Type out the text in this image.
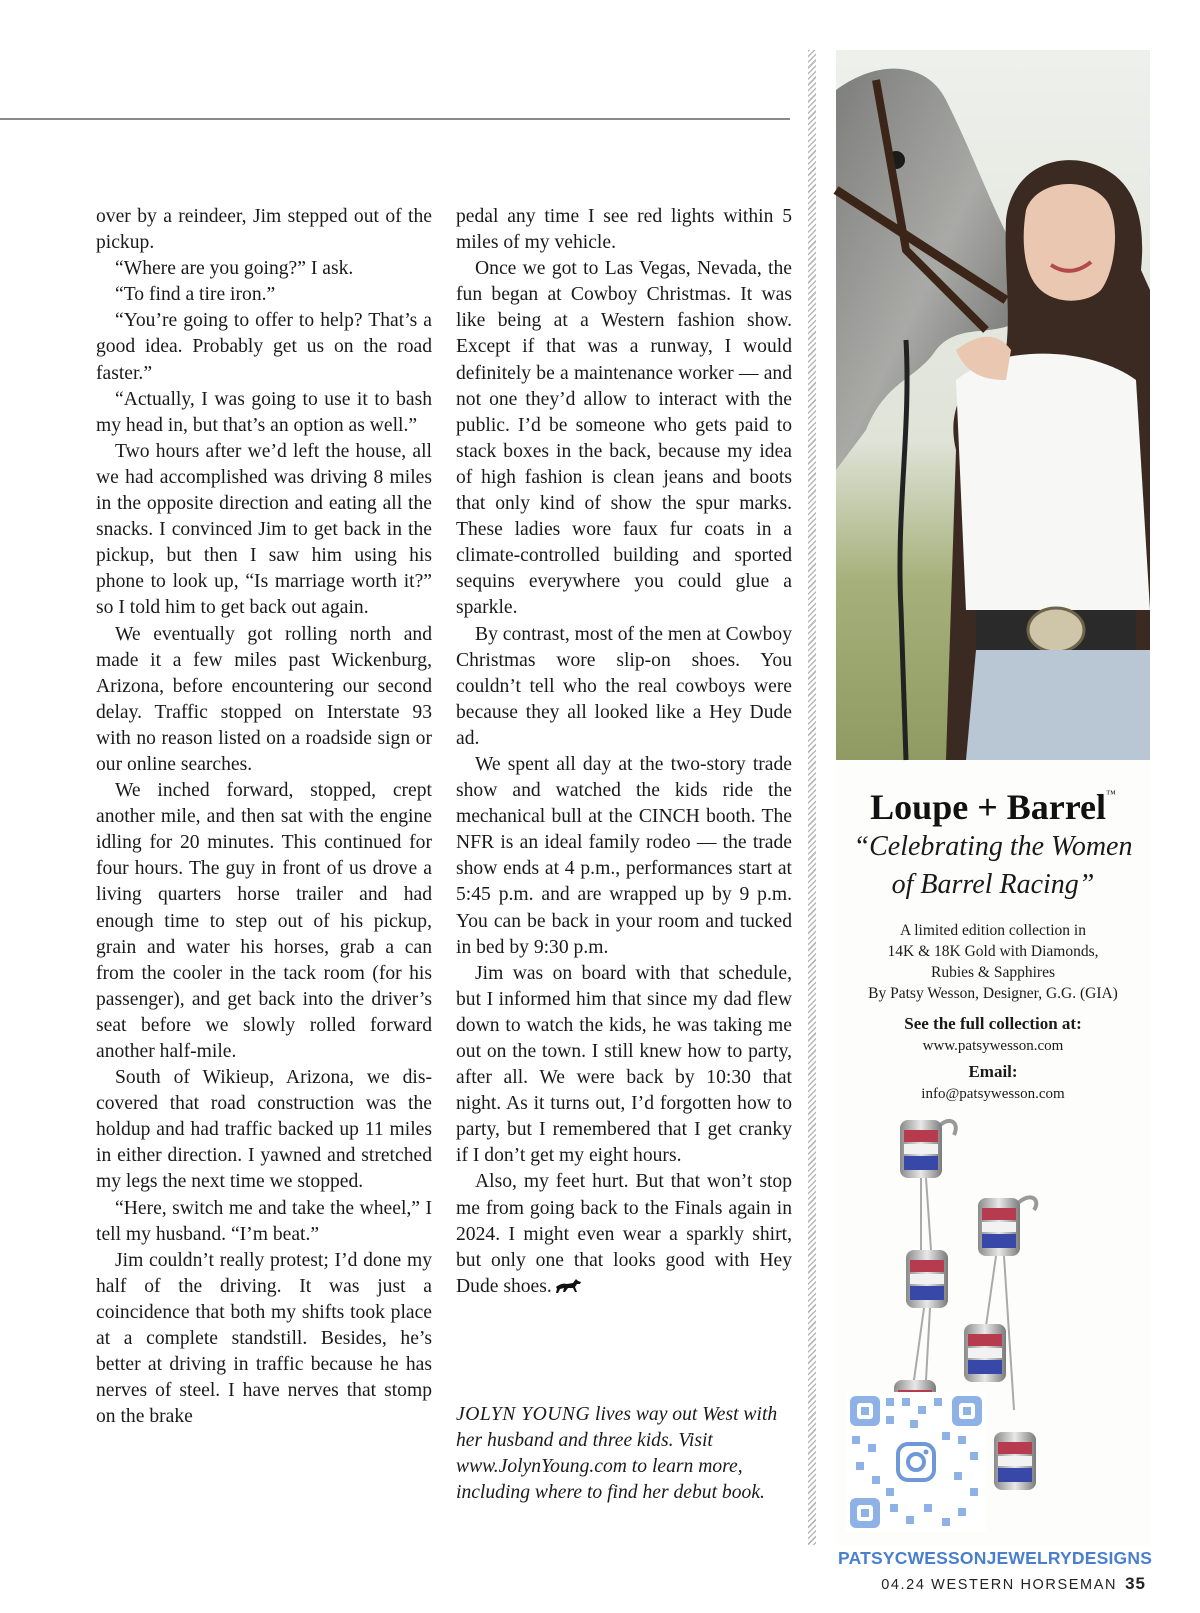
over by a reindeer, Jim stepped out of the pickup.

“Where are you going?” I ask.

“To find a tire iron.”

“You’re going to offer to help? That’s a good idea. Probably get us on the road faster.”

“Actually, I was going to use it to bash my head in, but that’s an option as well.”

Two hours after we’d left the house, all we had accomplished was driving 8 miles in the opposite direction and eating all the snacks. I convinced Jim to get back in the pickup, but then I saw him using his phone to look up, “Is marriage worth it?” so I told him to get back out again.

We eventually got rolling north and made it a few miles past Wickenburg, Arizona, before encountering our second delay. Traffic stopped on Interstate 93 with no reason listed on a roadside sign or our online searches.

We inched forward, stopped, crept another mile, and then sat with the engine idling for 20 minutes. This continued for four hours. The guy in front of us drove a living quarters horse trailer and had enough time to step out of his pickup, grain and water his horses, grab a can from the cooler in the tack room (for his passenger), and get back into the driver’s seat before we slowly rolled forward another half-mile.

South of Wikieup, Arizona, we discovered that road construction was the holdup and had traffic backed up 11 miles in either direction. I yawned and stretched my legs the next time we stopped.

“Here, switch me and take the wheel,” I tell my husband. “I’m beat.”

Jim couldn’t really protest; I’d done my half of the driving. It was just a coincidence that both my shifts took place at a complete standstill. Besides, he’s better at driving in traffic because he has nerves of steel. I have nerves that stomp on the brake

pedal any time I see red lights within 5 miles of my vehicle.

Once we got to Las Vegas, Nevada, the fun began at Cowboy Christmas. It was like being at a Western fashion show. Except if that was a runway, I would definitely be a maintenance worker — and not one they’d allow to interact with the public. I’d be someone who gets paid to stack boxes in the back, because my idea of high fashion is clean jeans and boots that only kind of show the spur marks. These ladies wore faux fur coats in a climate-controlled building and sported sequins everywhere you could glue a sparkle.

By contrast, most of the men at Cowboy Christmas wore slip-on shoes. You couldn’t tell who the real cowboys were because they all looked like a Hey Dude ad.

We spent all day at the two-story trade show and watched the kids ride the mechanical bull at the CINCH booth. The NFR is an ideal family rodeo — the trade show ends at 4 p.m., performances start at 5:45 p.m. and are wrapped up by 9 p.m. You can be back in your room and tucked in bed by 9:30 p.m.

Jim was on board with that schedule, but I informed him that since my dad flew down to watch the kids, he was taking me out on the town. I still knew how to party, after all. We were back by 10:30 that night. As it turns out, I’d forgotten how to party, but I remembered that I get cranky if I don’t get my eight hours.

Also, my feet hurt. But that won’t stop me from going back to the Finals again in 2024. I might even wear a sparkly shirt, but only one that looks good with Hey Dude shoes.

JOLYN YOUNG lives way out West with her husband and three kids. Visit www.JolynYoung.com to learn more, including where to find her debut book.
Loupe + Barrel™
“Celebrating the Women
of Barrel Racing”
A limited edition collection in
14K & 18K Gold with Diamonds,
Rubies & Sapphires
By Patsy Wesson, Designer, G.G. (GIA)
See the full collection at:
www.patsywesson.com
Email:
info@patsywesson.com
PATSYCWESSONJEWELRYDESIGNS
04.24 WESTERN HORSEMAN 35
